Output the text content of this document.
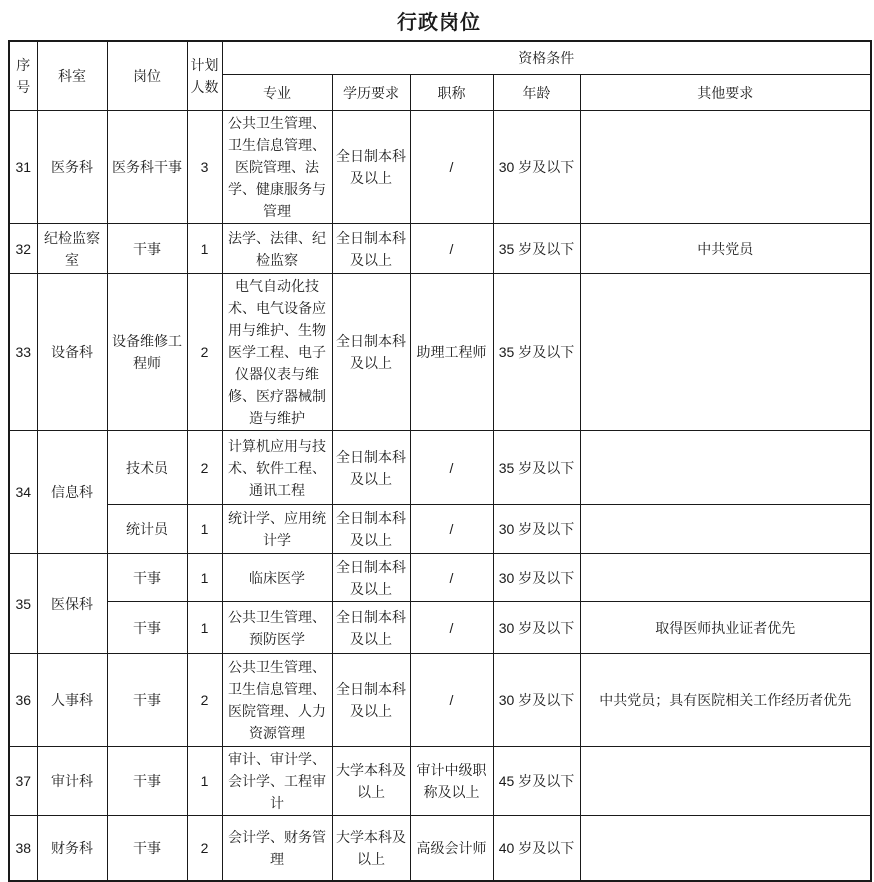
行政岗位
序号	科室	岗位	计划人数	资格条件				
				专业	学历要求	职称	年龄	其他要求
31	医务科	医务科干事	3	公共卫生管理、卫生信息管理、医院管理、法学、健康服务与管理	全日制本科及以上	/	30 岁及以下	
32	纪检监察室	干事	1	法学、法律、纪检监察	全日制本科及以上	/	35 岁及以下	中共党员
33	设备科	设备维修工程师	2	电气自动化技术、电气设备应用与维护、生物医学工程、电子仪器仪表与维修、医疗器械制造与维护	全日制本科及以上	助理工程师	35 岁及以下	
34	信息科	技术员	2	计算机应用与技术、软件工程、通讯工程	全日制本科及以上	/	35 岁及以下	
		统计员	1	统计学、应用统计学	全日制本科及以上	/	30 岁及以下	
35	医保科	干事	1	临床医学	全日制本科及以上	/	30 岁及以下	
		干事	1	公共卫生管理、预防医学	全日制本科及以上	/	30 岁及以下	取得医师执业证者优先
36	人事科	干事	2	公共卫生管理、卫生信息管理、医院管理、人力资源管理	全日制本科及以上	/	30 岁及以下	中共党员；具有医院相关工作经历者优先
37	审计科	干事	1	审计、审计学、会计学、工程审计	大学本科及以上	审计中级职称及以上	45 岁及以下	
38	财务科	干事	2	会计学、财务管理	大学本科及以上	高级会计师	40 岁及以下	
